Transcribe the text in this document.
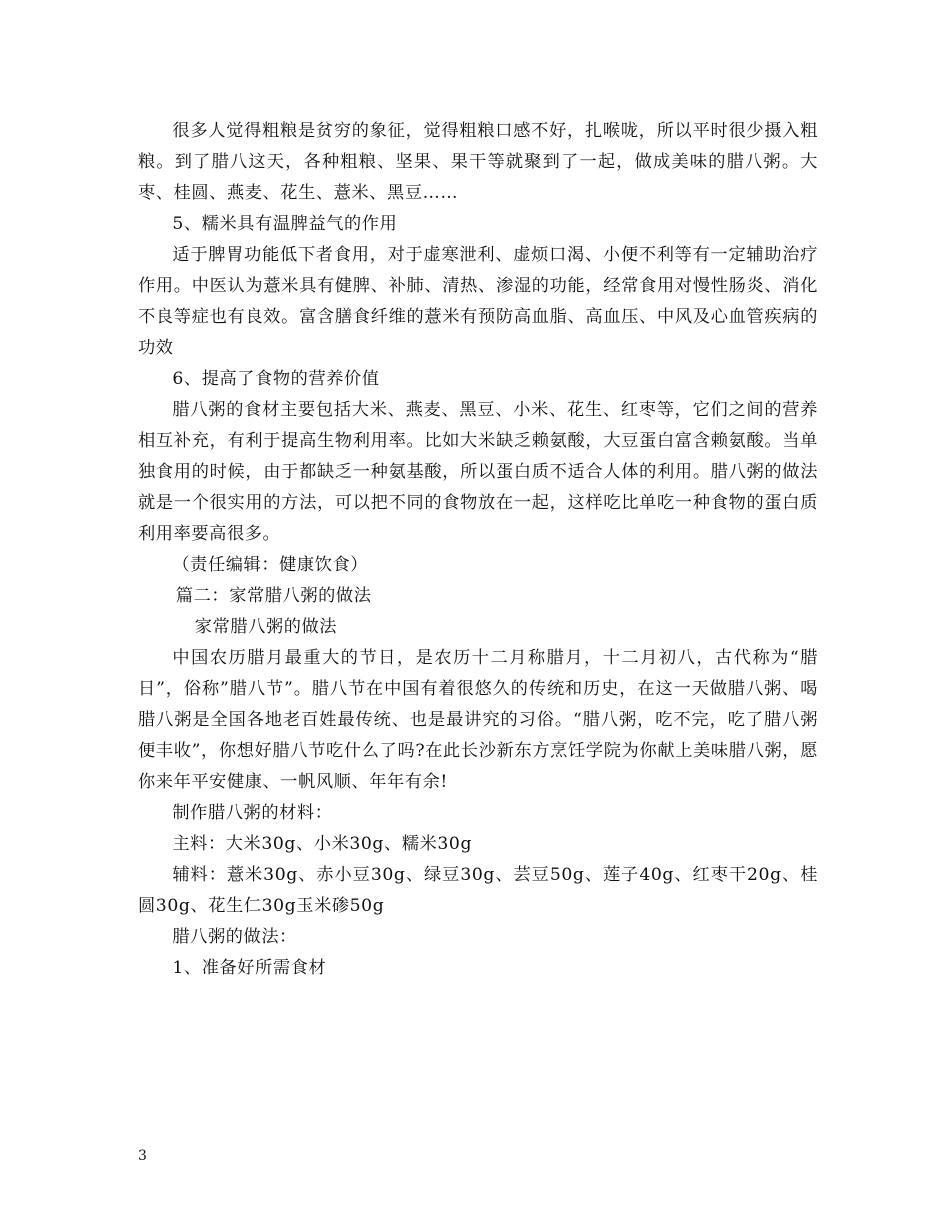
很多人觉得粗粮是贫穷的象征，觉得粗粮口感不好，扎喉咙，所以平时很少摄入粗粮。到了腊八这天，各种粗粮、坚果、果干等就聚到了一起，做成美味的腊八粥。大枣、桂圆、燕麦、花生、薏米、黑豆……

5、糯米具有温脾益气的作用

适于脾胃功能低下者食用，对于虚寒泄利、虚烦口渴、小便不利等有一定辅助治疗作用。中医认为薏米具有健脾、补肺、清热、渗湿的功能，经常食用对慢性肠炎、消化不良等症也有良效。富含膳食纤维的薏米有预防高血脂、高血压、中风及心血管疾病的功效

6、提高了食物的营养价值

腊八粥的食材主要包括大米、燕麦、黑豆、小米、花生、红枣等，它们之间的营养相互补充，有利于提高生物利用率。比如大米缺乏赖氨酸，大豆蛋白富含赖氨酸。当单独食用的时候，由于都缺乏一种氨基酸，所以蛋白质不适合人体的利用。腊八粥的做法就是一个很实用的方法，可以把不同的食物放在一起，这样吃比单吃一种食物的蛋白质利用率要高很多。

（责任编辑：健康饮食）

篇二：家常腊八粥的做法

家常腊八粥的做法

中国农历腊月最重大的节日，是农历十二月称腊月，十二月初八，古代称为“腊日”，俗称”腊八节”。腊八节在中国有着很悠久的传统和历史，在这一天做腊八粥、喝腊八粥是全国各地老百姓最传统、也是最讲究的习俗。“腊八粥，吃不完，吃了腊八粥便丰收”，你想好腊八节吃什么了吗?在此长沙新东方烹饪学院为你献上美味腊八粥，愿你来年平安健康、一帆风顺、年年有余!

制作腊八粥的材料：

主料：大米30g、小米30g、糯米30g

辅料：薏米30g、赤小豆30g、绿豆30g、芸豆50g、莲子40g、红枣干20g、桂圆30g、花生仁30g玉米碜50g

腊八粥的做法：

1、准备好所需食材

3
